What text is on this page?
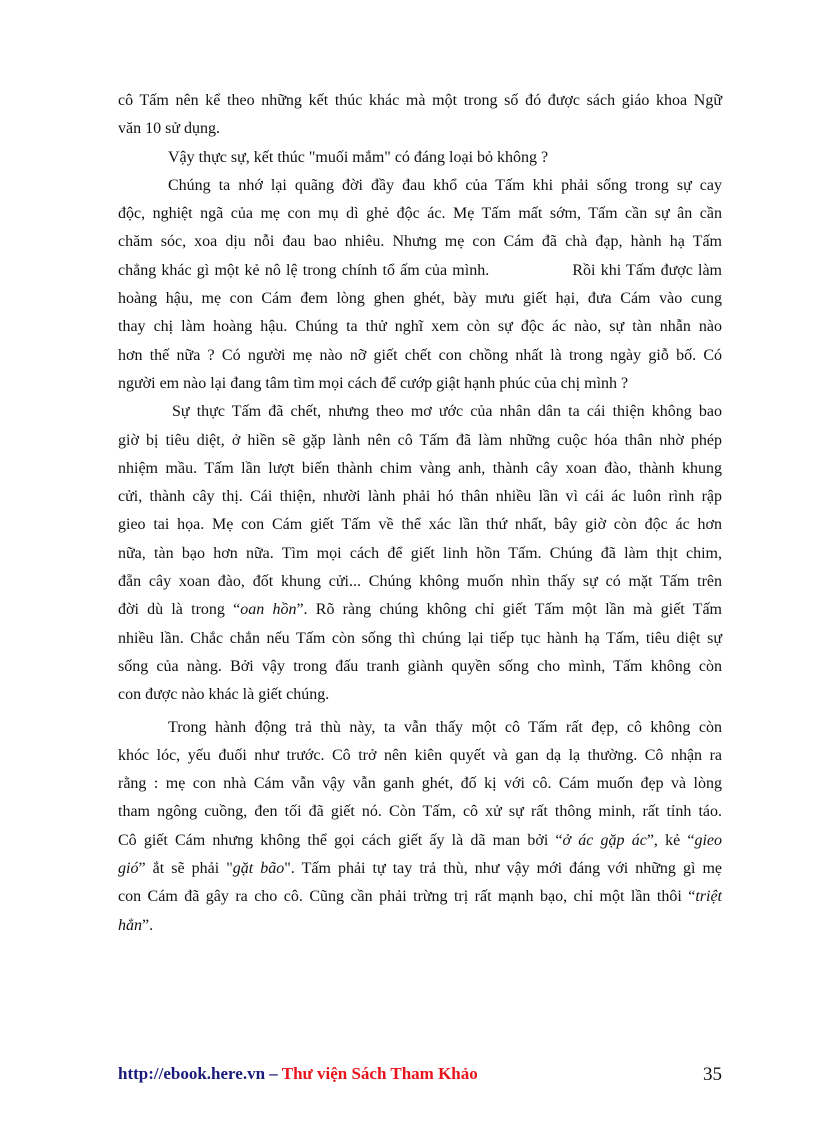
cô Tấm nên kể theo những kết thúc khác mà một trong số đó được sách giáo khoa Ngữ
văn 10 sử dụng.
Vậy thực sự, kết thúc "muối mắm" có đáng loại bỏ không ?
Chúng ta nhớ lại quãng đời đầy đau khổ của Tấm khi phải sống trong sự cay
độc, nghiệt ngã của mẹ con mụ dì ghẻ độc ác. Mẹ Tấm mất sớm, Tấm cần sự ân cần
chăm sóc, xoa dịu nỗi đau bao nhiêu. Nhưng mẹ con Cám đã chà đạp, hành hạ Tấm
chẳng khác gì một kẻ nô lệ trong chính tổ ấm của mình.                Rồi khi Tấm được làm
hoàng hậu, mẹ con Cám đem lòng ghen ghét, bày mưu giết hại, đưa Cám vào cung
thay chị làm hoàng hậu. Chúng ta thử nghĩ xem còn sự độc ác nào, sự tàn nhẫn nào
hơn thế nữa ? Có người mẹ nào nỡ giết chết con chồng nhất là trong ngày giỗ bố. Có
người em nào lại đang tâm tìm mọi cách để cướp giật hạnh phúc của chị mình ?
Sự thực Tấm đã chết, nhưng theo mơ ước của nhân dân ta cái thiện không bao
giờ bị tiêu diệt, ở hiền sẽ gặp lành nên cô Tấm đã làm những cuộc hóa thân nhờ phép
nhiệm mầu. Tấm lần lượt biến thành chim vàng anh, thành cây xoan đào, thành khung
cửi, thành cây thị. Cái thiện, nhười lành phải hó thân nhiều lần vì cái ác luôn rình rập
gieo tai họa. Mẹ con Cám giết Tấm về thể xác lần thứ nhất, bây giờ còn độc ác hơn
nữa, tàn bạo hơn nữa. Tìm mọi cách để giết linh hồn Tấm. Chúng đã làm thịt chim,
đẵn cây xoan đào, đốt khung cửi... Chúng không muốn nhìn thấy sự có mặt Tấm trên
đời dù là trong “oan hồn”. Rõ ràng chúng không chỉ giết Tấm một lần mà giết Tấm
nhiều lần. Chắc chắn nếu Tấm còn sống thì chúng lại tiếp tục hành hạ Tấm, tiêu diệt sự
sống của nàng. Bởi vậy trong đấu tranh giành quyền sống cho mình, Tấm không còn
con được nào khác là giết chúng.
Trong hành động trả thù này, ta vẫn thấy một cô Tấm rất đẹp, cô không còn
khóc lóc, yếu đuối như trước. Cô trở nên kiên quyết và gan dạ lạ thường. Cô nhận ra
rằng : mẹ con nhà Cám vẫn vậy vẫn ganh ghét, đố kị với cô. Cám muốn đẹp và lòng
tham ngông cuồng, đen tối đã giết nó. Còn Tấm, cô xử sự rất thông minh, rất tỉnh táo.
Cô giết Cám nhưng không thể gọi cách giết ấy là dã man bởi “ở ác gặp ác”, kẻ “gieo
gió” ắt sẽ phải "gặt bão". Tấm phải tự tay trả thù, như vậy mới đáng với những gì mẹ
con Cám đã gây ra cho cô. Cũng cần phải trừng trị rất mạnh bạo, chỉ một lần thôi “triệt
hẳn”.
http://ebook.here.vn – Thư viện Sách Tham Khảo	35
